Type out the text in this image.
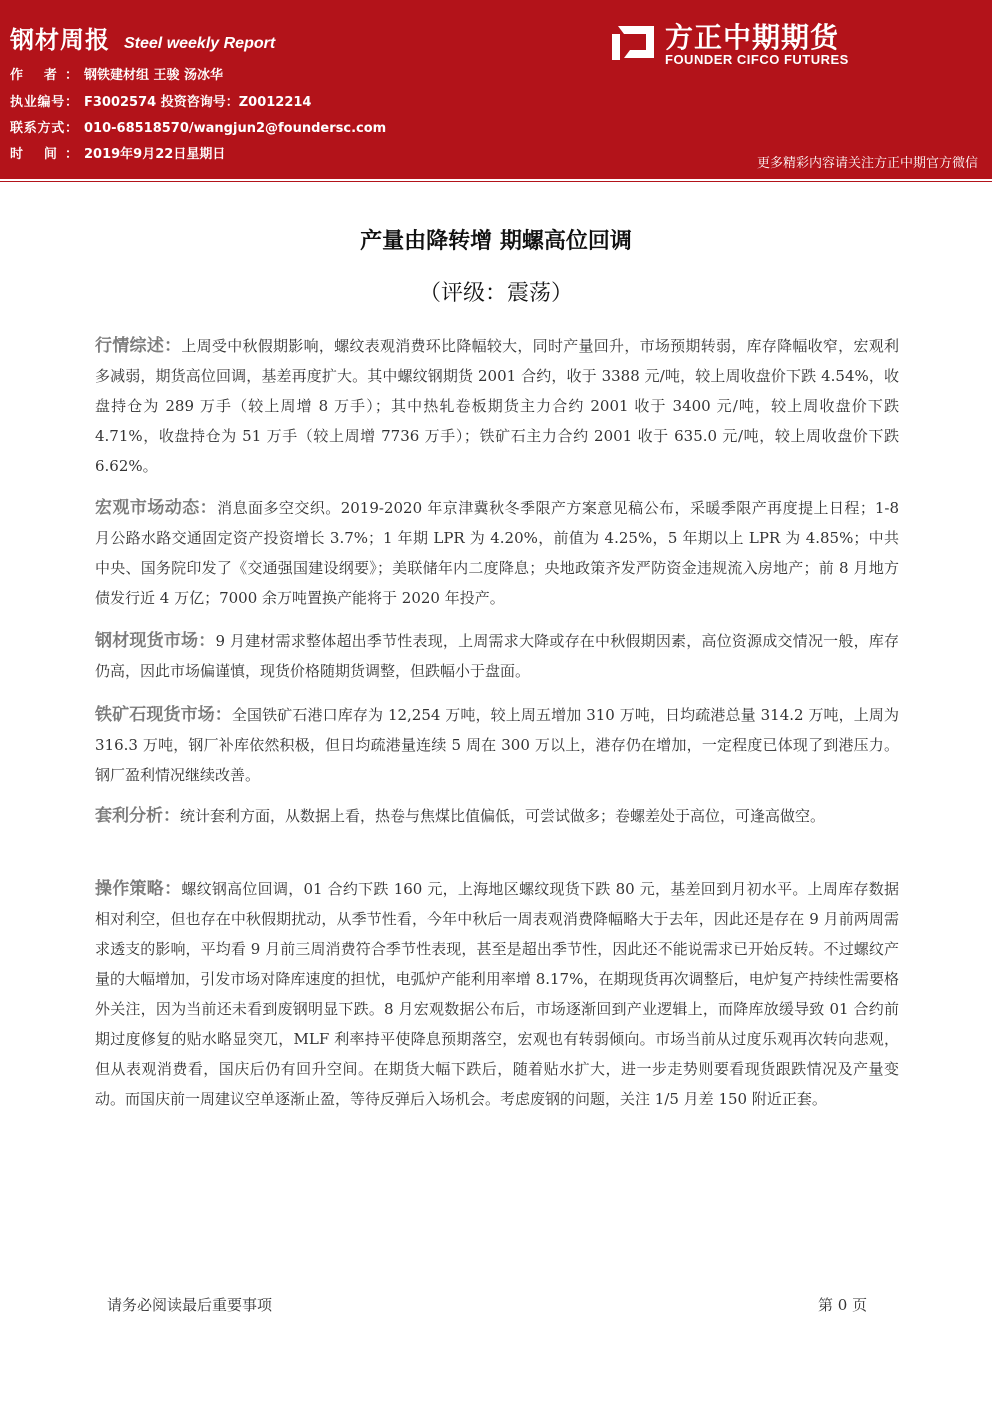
钢材周报 Steel weekly Report
作 者： 钢铁建材组 王骏 汤冰华
执业编号： F3002574 投资咨询号：Z0012214
联系方式： 010-68518570/wangjun2@foundersc.com
时 间： 2019年9月22日星期日
方正中期期货
FOUNDER CIFCO FUTURES
更多精彩内容请关注方正中期官方微信
产量由降转增 期螺高位回调
（评级：震荡）

行情综述：上周受中秋假期影响，螺纹表观消费环比降幅较大，同时产量回升，市场预期转弱，库存降幅收窄，宏观利多减弱，期货高位回调，基差再度扩大。其中螺纹钢期货 2001 合约，收于 3388 元/吨，较上周收盘价下跌 4.54%，收盘持仓为 289 万手（较上周增 8 万手）；其中热轧卷板期货主力合约 2001 收于 3400 元/吨，较上周收盘价下跌 4.71%，收盘持仓为 51 万手（较上周增 7736 万手）；铁矿石主力合约 2001 收于 635.0 元/吨，较上周收盘价下跌 6.62%。

宏观市场动态：消息面多空交织。2019-2020 年京津冀秋冬季限产方案意见稿公布，采暖季限产再度提上日程；1-8 月公路水路交通固定资产投资增长 3.7%；1 年期 LPR 为 4.20%，前值为 4.25%，5 年期以上 LPR 为 4.85%；中共中央、国务院印发了《交通强国建设纲要》；美联储年内二度降息；央地政策齐发严防资金违规流入房地产；前 8 月地方债发行近 4 万亿；7000 余万吨置换产能将于 2020 年投产。

钢材现货市场：9 月建材需求整体超出季节性表现，上周需求大降或存在中秋假期因素，高位资源成交情况一般，库存仍高，因此市场偏谨慎，现货价格随期货调整，但跌幅小于盘面。

铁矿石现货市场：全国铁矿石港口库存为 12,254 万吨，较上周五增加 310 万吨，日均疏港总量 314.2 万吨，上周为 316.3 万吨，钢厂补库依然积极，但日均疏港量连续 5 周在 300 万以上，港存仍在增加，一定程度已体现了到港压力。钢厂盈利情况继续改善。

套利分析：统计套利方面，从数据上看，热卷与焦煤比值偏低，可尝试做多；卷螺差处于高位，可逢高做空。

操作策略：螺纹钢高位回调，01 合约下跌 160 元，上海地区螺纹现货下跌 80 元，基差回到月初水平。上周库存数据相对利空，但也存在中秋假期扰动，从季节性看，今年中秋后一周表观消费降幅略大于去年，因此还是存在 9 月前两周需求透支的影响，平均看 9 月前三周消费符合季节性表现，甚至是超出季节性，因此还不能说需求已开始反转。不过螺纹产量的大幅增加，引发市场对降库速度的担忧，电弧炉产能利用率增 8.17%，在期现货再次调整后，电炉复产持续性需要格外关注，因为当前还未看到废钢明显下跌。8 月宏观数据公布后，市场逐渐回到产业逻辑上，而降库放缓导致 01 合约前期过度修复的贴水略显突兀，MLF 利率持平使降息预期落空，宏观也有转弱倾向。市场当前从过度乐观再次转向悲观，但从表观消费看，国庆后仍有回升空间。在期货大幅下跌后，随着贴水扩大，进一步走势则要看现货跟跌情况及产量变动。而国庆前一周建议空单逐渐止盈，等待反弹后入场机会。考虑废钢的问题，关注 1/5 月差 150 附近正套。

请务必阅读最后重要事项	第 0 页
